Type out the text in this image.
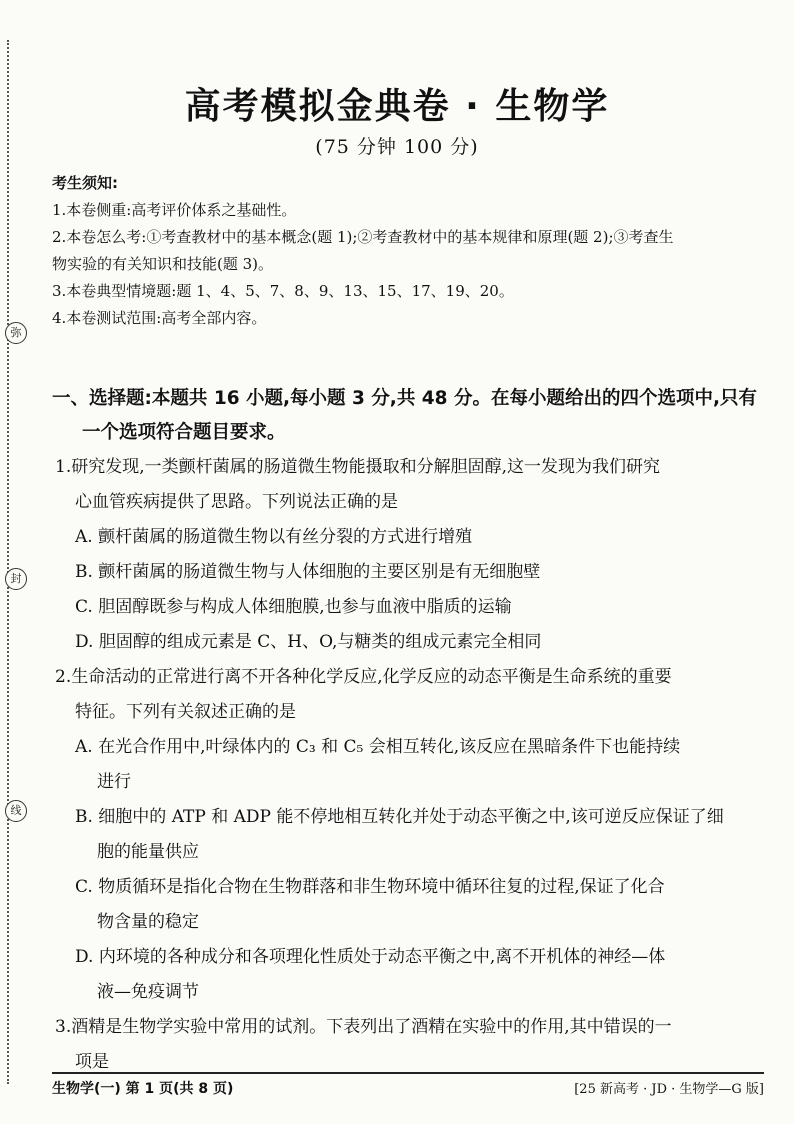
弥
封
线
高考模拟金典卷 · 生物学
(75 分钟 100 分)
考生须知:
1.本卷侧重:高考评价体系之基础性。
2.本卷怎么考:①考查教材中的基本概念(题 1);②考查教材中的基本规律和原理(题 2);③考查生
物实验的有关知识和技能(题 3)。
3.本卷典型情境题:题 1、4、5、7、8、9、13、15、17、19、20。
4.本卷测试范围:高考全部内容。
一、选择题:本题共 16 小题,每小题 3 分,共 48 分。在每小题给出的四个选项中,只有
一个选项符合题目要求。
1.研究发现,一类颤杆菌属的肠道微生物能摄取和分解胆固醇,这一发现为我们研究
心血管疾病提供了思路。下列说法正确的是
A. 颤杆菌属的肠道微生物以有丝分裂的方式进行增殖
B. 颤杆菌属的肠道微生物与人体细胞的主要区别是有无细胞壁
C. 胆固醇既参与构成人体细胞膜,也参与血液中脂质的运输
D. 胆固醇的组成元素是 C、H、O,与糖类的组成元素完全相同
2.生命活动的正常进行离不开各种化学反应,化学反应的动态平衡是生命系统的重要
特征。下列有关叙述正确的是
A. 在光合作用中,叶绿体内的 C₃ 和 C₅ 会相互转化,该反应在黑暗条件下也能持续
进行
B. 细胞中的 ATP 和 ADP 能不停地相互转化并处于动态平衡之中,该可逆反应保证了细
胞的能量供应
C. 物质循环是指化合物在生物群落和非生物环境中循环往复的过程,保证了化合
物含量的稳定
D. 内环境的各种成分和各项理化性质处于动态平衡之中,离不开机体的神经—体
液—免疫调节
3.酒精是生物学实验中常用的试剂。下表列出了酒精在实验中的作用,其中错误的一
项是
生物学(一) 第 1 页(共 8 页)	[25 新高考 · JD · 生物学—G 版]
